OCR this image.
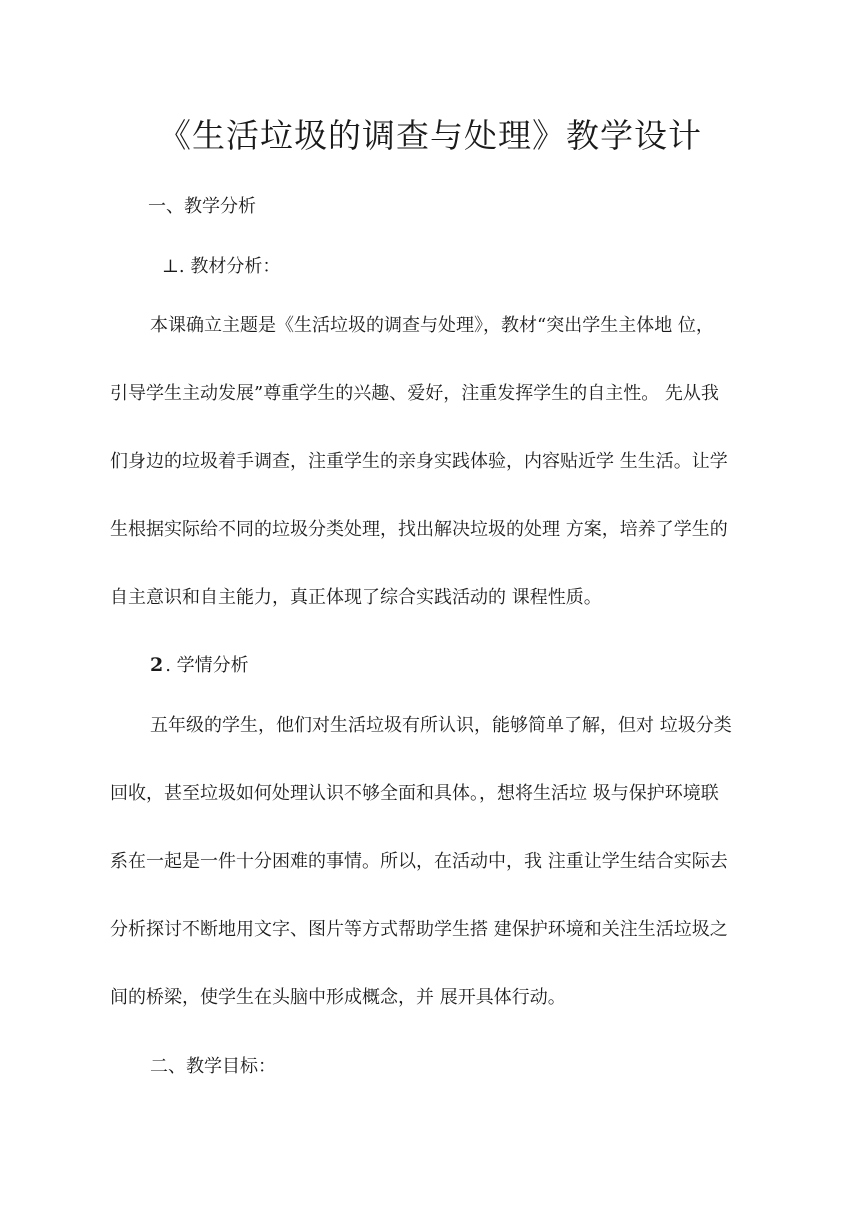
《生活垃圾的调查与处理》教学设计
一、教学分析
⊥. 教材分析：
本课确立主题是《生活垃圾的调查与处理》，教材“突出学生主体地 位，
引导学生主动发展”尊重学生的兴趣、爱好，注重发挥学生的自主性。 先从我
们身边的垃圾着手调查，注重学生的亲身实践体验，内容贴近学 生生活。让学
生根据实际给不同的垃圾分类处理，找出解决垃圾的处理 方案，培养了学生的
自主意识和自主能力，真正体现了综合实践活动的 课程性质。
2 . 学情分析
五年级的学生，他们对生活垃圾有所认识，能够简单了解，但对 垃圾分类
回收，甚至垃圾如何处理认识不够全面和具体。，想将生活垃 圾与保护环境联
系在一起是一件十分困难的事情。所以，在活动中，我 注重让学生结合实际去
分析探讨不断地用文字、图片等方式帮助学生搭 建保护环境和关注生活垃圾之
间的桥梁，使学生在头脑中形成概念，并 展开具体行动。
二、教学目标：
